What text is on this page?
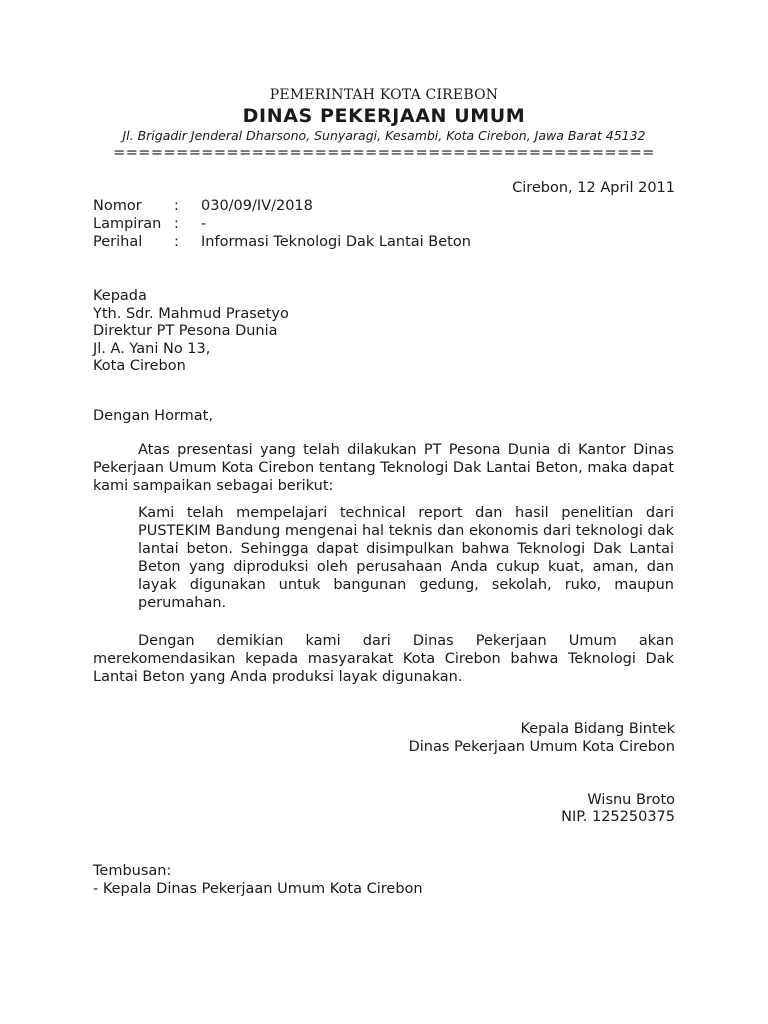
PEMERINTAH KOTA CIREBON
DINAS PEKERJAAN UMUM
Jl. Brigadir Jenderal Dharsono, Sunyaragi, Kesambi, Kota Cirebon, Jawa Barat 45132
===========================================
Cirebon, 12 April 2011
Nomor : 030/09/IV/2018
Lampiran : -
Perihal : Informasi Teknologi Dak Lantai Beton
Kepada
Yth. Sdr. Mahmud Prasetyo
Direktur PT Pesona Dunia
Jl. A. Yani No 13,
Kota Cirebon
Dengan Hormat,
Atas presentasi yang telah dilakukan PT Pesona Dunia di Kantor Dinas Pekerjaan Umum Kota Cirebon tentang Teknologi Dak Lantai Beton, maka dapat kami sampaikan sebagai berikut:
Kami telah mempelajari technical report dan hasil penelitian dari PUSTEKIM Bandung mengenai hal teknis dan ekonomis dari teknologi dak lantai beton. Sehingga dapat disimpulkan bahwa Teknologi Dak Lantai Beton yang diproduksi oleh perusahaan Anda cukup kuat, aman, dan layak digunakan untuk bangunan gedung, sekolah, ruko, maupun perumahan.
Dengan demikian kami dari Dinas Pekerjaan Umum akan merekomendasikan kepada masyarakat Kota Cirebon bahwa Teknologi Dak Lantai Beton yang Anda produksi layak digunakan.
Kepala Bidang Bintek
Dinas Pekerjaan Umum Kota Cirebon
Wisnu Broto
NIP. 125250375
Tembusan:
- Kepala Dinas Pekerjaan Umum Kota Cirebon
